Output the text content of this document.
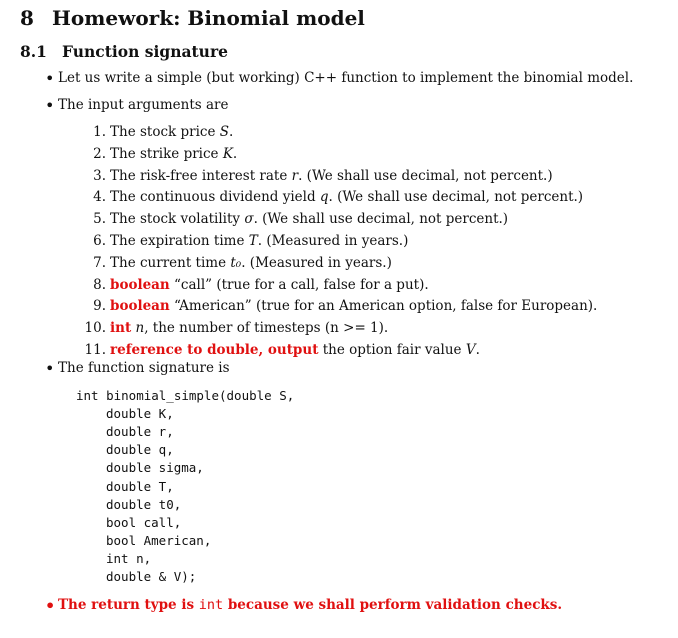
8 Homework: Binomial model
8.1 Function signature
• Let us write a simple (but working) C++ function to implement the binomial model.
• The input arguments are
1. The stock price S.
2. The strike price K.
3. The risk-free interest rate r. (We shall use decimal, not percent.)
4. The continuous dividend yield q. (We shall use decimal, not percent.)
5. The stock volatility σ. (We shall use decimal, not percent.)
6. The expiration time T. (Measured in years.)
7. The current time t₀. (Measured in years.)
8. boolean “call” (true for a call, false for a put).
9. boolean “American” (true for an American option, false for European).
10. int n, the number of timesteps (n >= 1).
11. reference to double, output the option fair value V.
• The function signature is
int binomial_simple(double S,
double K,
double r,
double q,
double sigma,
double T,
double t0,
bool call,
bool American,
int n,
double & V);
• The return type is int because we shall perform validation checks.
